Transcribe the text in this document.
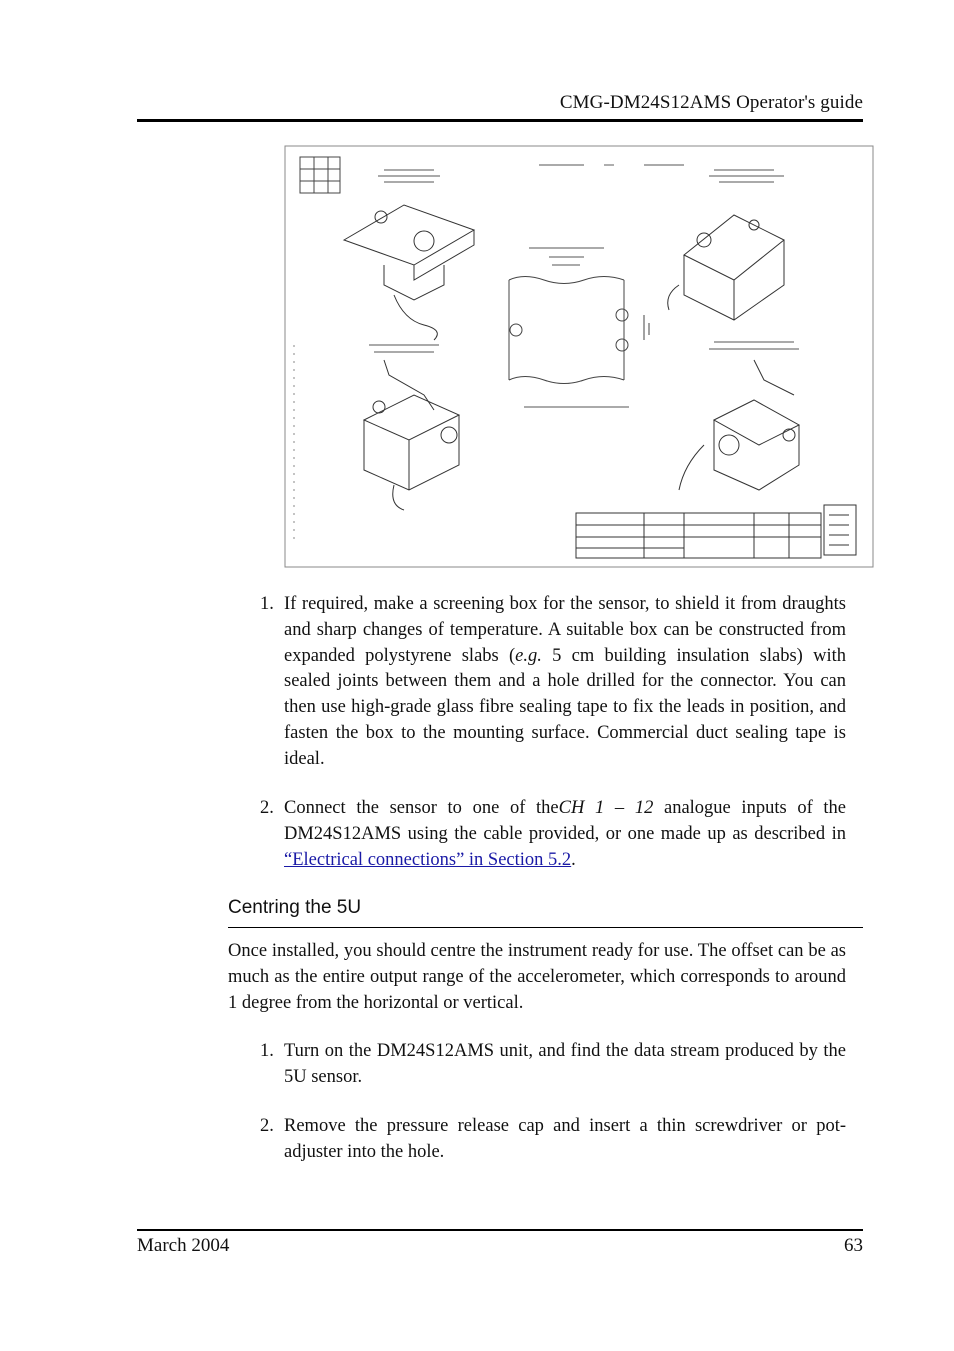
CMG-DM24S12AMS Operator's guide
1. If required, make a screening box for the sensor, to shield it from draughts and sharp changes of temperature. A suitable box can be constructed from expanded polystyrene slabs (e.g. 5 cm building insulation slabs) with sealed joints between them and a hole drilled for the connector. You can then use high-grade glass fibre sealing tape to fix the leads in position, and fasten the box to the mounting surface. Commercial duct sealing tape is ideal.
2. Connect the sensor to one of theCH 1 – 12 analogue inputs of the DM24S12AMS using the cable provided, or one made up as described in “Electrical connections” in Section 5.2.
Centring the 5U

Once installed, you should centre the instrument ready for use. The offset can be as much as the entire output range of the accelerometer, which corresponds to around 1 degree from the horizontal or vertical.

1. Turn on the DM24S12AMS unit, and find the data stream produced by the 5U sensor.
2. Remove the pressure release cap and insert a thin screwdriver or pot-adjuster into the hole.
March 2004	63
